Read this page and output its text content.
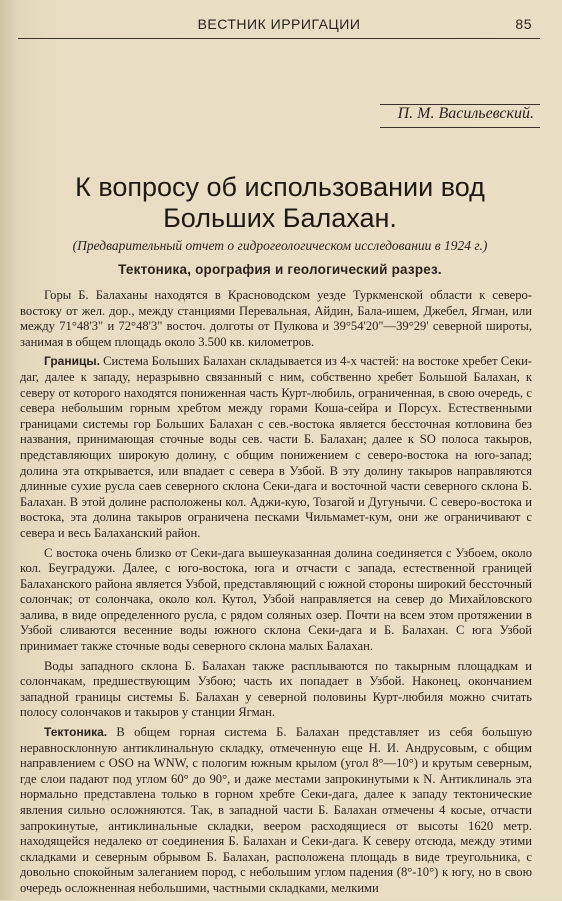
ВЕСТНИК ИРРИГАЦИИ	85
П. М. Васильевский.
К вопросу об использовании вод
Больших Балахан.
(Предварительный отчет о гидрогеологическом исследовании в 1924 г.)
Тектоника, орография и геологический разрез.

Горы Б. Балаханы находятся в Красноводском уезде Туркменской области к северо-востоку от жел. дор., между станциями Перевальная, Айдин, Бала-ишем, Джебел, Ягман, или между 71°48'3" и 72°48'3" восточ. долготы от Пулкова и 39°54'20"—39°29' северной широты, занимая в общем площадь около 3.500 кв. километров.

Границы. Система Больших Балахан складывается из 4-х частей: на востоке хребет Секи-даг, далее к западу, неразрывно связанный с ним, собственно хребет Большой Балахан, к северу от которого находятся пониженная часть Курт-любиль, ограниченная, в свою очередь, с севера небольшим горным хребтом между горами Коша-сейра и Порсух. Естественными границами системы гор Больших Балахан с сев.-востока является бессточная котловина без названия, принимающая сточные воды сев. части Б. Балахан; далее к SO полоса такыров, представляющих широкую долину, с общим понижением с северо-востока на юго-запад; долина эта открывается, или впадает с севера в Узбой. В эту долину такыров направляются длинные сухие русла саев северного склона Секи-дага и восточной части северного склона Б. Балахан. В этой долине расположены кол. Аджи-кую, Тозагой и Дугунычи. С северо-востока и востока, эта долина такыров ограничена песками Чильмамет-кум, они же ограничивают с севера и весь Балаханский район.

С востока очень близко от Секи-дага вышеуказанная долина соединяется с Узбоем, около кол. Беуградужи. Далее, с юго-востока, юга и отчасти с запада, естественной границей Балаханского района является Узбой, представляющий с южной стороны широкий бессточный солончак; от солончака, около кол. Кутол, Узбой направляется на север до Михайловского залива, в виде определенного русла, с рядом соляных озер. Почти на всем этом протяжении в Узбой сливаются весенние воды южного склона Секи-дага и Б. Балахан. С юга Узбой принимает также сточные воды северного склона малых Балахан.

Воды западного склона Б. Балахан также расплываются по такырным площадкам и солончакам, предшествующим Узбою; часть их попадает в Узбой. Наконец, окончанием западной границы системы Б. Балахан у северной половины Курт-любиля можно считать полосу солончаков и такыров у станции Ягман.

Тектоника. В общем горная система Б. Балахан представляет из себя большую неравносклонную антиклинальную складку, отмеченную еще Н. И. Андрусовым, с общим направлением с OSO на WNW, с пологим южным крылом (угол 8°—10°) и крутым северным, где слои падают под углом 60° до 90°, и даже местами запрокинутыми к N. Антиклиналь эта нормально представлена только в горном хребте Секи-дага, далее к западу тектонические явления сильно осложняются. Так, в западной части Б. Балахан отмечены 4 косые, отчасти запрокинутые, антиклинальные складки, веером расходящиеся от высоты 1620 метр. находящейся недалеко от соединения Б. Балахан и Секи-дага. К северу отсюда, между этими складками и северным обрывом Б. Балахан, расположена площадь в виде треугольника, с довольно спокойным залеганием пород, с небольшим углом падения (8°-10°) к югу, но в свою очередь осложненная небольшими, частными складками, мелкими
